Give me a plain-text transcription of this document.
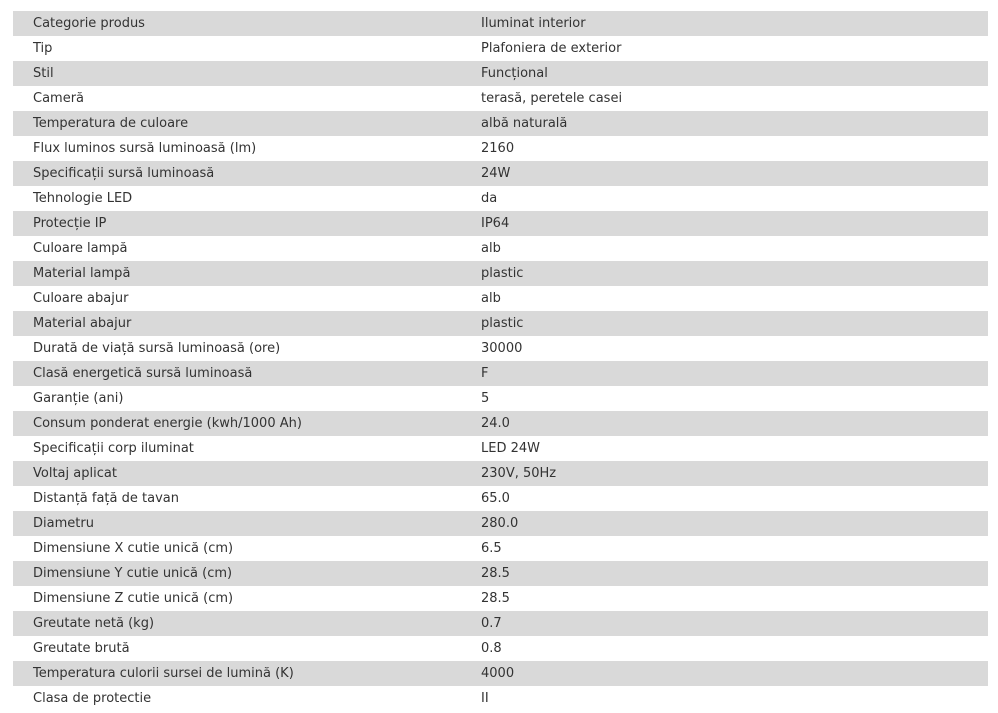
Categorie produs	Iluminat interior
Tip	Plafoniera de exterior
Stil	Funcțional
Cameră	terasă, peretele casei
Temperatura de culoare	albă naturală
Flux luminos sursă luminoasă (lm)	2160
Specificații sursă luminoasă	24W
Tehnologie LED	da
Protecție IP	IP64
Culoare lampă	alb
Material lampă	plastic
Culoare abajur	alb
Material abajur	plastic
Durată de viață sursă luminoasă (ore)	30000
Clasă energetică sursă luminoasă	F
Garanție (ani)	5
Consum ponderat energie (kwh/1000 Ah)	24.0
Specificații corp iluminat	LED 24W
Voltaj aplicat	230V, 50Hz
Distanță față de tavan	65.0
Diametru	280.0
Dimensiune X cutie unică (cm)	6.5
Dimensiune Y cutie unică (cm)	28.5
Dimensiune Z cutie unică (cm)	28.5
Greutate netă (kg)	0.7
Greutate brută	0.8
Temperatura culorii sursei de lumină (K)	4000
Clasa de protectie	II
